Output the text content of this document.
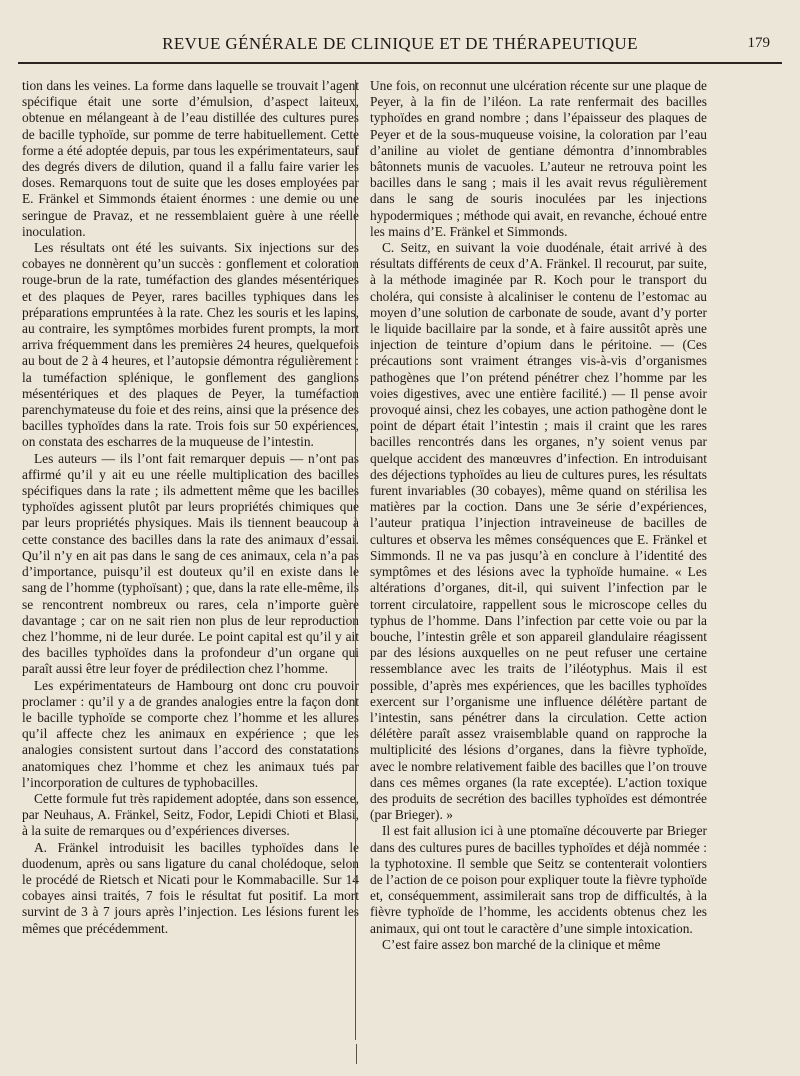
REVUE GÉNÉRALE DE CLINIQUE ET DE THÉRAPEUTIQUE	179

tion dans les veines. La forme dans laquelle se trouvait l’agent spécifique était une sorte d’émulsion, d’aspect laiteux, obtenue en mélangeant à de l’eau distillée des cultures pures de bacille typhoïde, sur pomme de terre habituellement. Cette forme a été adoptée depuis, par tous les expérimentateurs, sauf des degrés divers de dilution, quand il a fallu faire varier les doses. Remarquons tout de suite que les doses employées par E. Fränkel et Simmonds étaient énormes : une demie ou une seringue de Pravaz, et ne ressemblaient guère à une réelle inoculation.

Les résultats ont été les suivants. Six injections sur des cobayes ne donnèrent qu’un succès : gonflement et coloration rouge-brun de la rate, tuméfaction des glandes mésentériques et des plaques de Peyer, rares bacilles typhiques dans les préparations empruntées à la rate. Chez les souris et les lapins, au contraire, les symptômes morbides furent prompts, la mort arriva fréquemment dans les premières 24 heures, quelquefois au bout de 2 à 4 heures, et l’autopsie démontra régulièrement : la tuméfaction splénique, le gonflement des ganglions mésentériques et des plaques de Peyer, la tuméfaction parenchymateuse du foie et des reins, ainsi que la présence des bacilles typhoïdes dans la rate. Trois fois sur 50 expériences, on constata des escharres de la muqueuse de l’intestin.

Les auteurs — ils l’ont fait remarquer depuis — n’ont pas affirmé qu’il y ait eu une réelle multiplication des bacilles spécifiques dans la rate ; ils admettent même que les bacilles typhoïdes agissent plutôt par leurs propriétés chimiques que par leurs propriétés physiques. Mais ils tiennent beaucoup à cette constance des bacilles dans la rate des animaux d’essai. Qu’il n’y en ait pas dans le sang de ces animaux, cela n’a pas d’importance, puisqu’il est douteux qu’il en existe dans le sang de l’homme (typhoïsant) ; que, dans la rate elle-même, ils se rencontrent nombreux ou rares, cela n’importe guère davantage ; car on ne sait rien non plus de leur reproduction chez l’homme, ni de leur durée. Le point capital est qu’il y ait des bacilles typhoïdes dans la profondeur d’un organe qui paraît aussi être leur foyer de prédilection chez l’homme.

Les expérimentateurs de Hambourg ont donc cru pouvoir proclamer : qu’il y a de grandes analogies entre la façon dont le bacille typhoïde se comporte chez l’homme et les allures qu’il affecte chez les animaux en expérience ; que les analogies consistent surtout dans l’accord des constatations anatomiques chez l’homme et chez les animaux tués par l’incorporation de cultures de typhobacilles.

Cette formule fut très rapidement adoptée, dans son essence, par Neuhaus, A. Fränkel, Seitz, Fodor, Lepidi Chioti et Blasi, à la suite de remarques ou d’expériences diverses.

A. Fränkel introduisit les bacilles typhoïdes dans le duodenum, après ou sans ligature du canal cholédoque, selon le procédé de Rietsch et Nicati pour le Kommabacille. Sur 14 cobayes ainsi traités, 7 fois le résultat fut positif. La mort survint de 3 à 7 jours après l’injection. Les lésions furent les mêmes que précédemment.

Une fois, on reconnut une ulcération récente sur une plaque de Peyer, à la fin de l’iléon. La rate renfermait des bacilles typhoïdes en grand nombre ; dans l’épaisseur des plaques de Peyer et de la sous-muqueuse voisine, la coloration par l’eau d’aniline au violet de gentiane démontra d’innombrables bâtonnets munis de vacuoles. L’auteur ne retrouva point les bacilles dans le sang ; mais il les avait revus régulièrement dans le sang de souris inoculées par les injections hypodermiques ; méthode qui avait, en revanche, échoué entre les mains d’E. Fränkel et Simmonds.

C. Seitz, en suivant la voie duodénale, était arrivé à des résultats différents de ceux d’A. Fränkel. Il recourut, par suite, à la méthode imaginée par R. Koch pour le transport du choléra, qui consiste à alcaliniser le contenu de l’estomac au moyen d’une solution de carbonate de soude, avant d’y porter le liquide bacillaire par la sonde, et à faire aussitôt après une injection de teinture d’opium dans le péritoine. — (Ces précautions sont vraiment étranges vis-à-vis d’organismes pathogènes que l’on prétend pénétrer chez l’homme par les voies digestives, avec une entière facilité.) — Il pense avoir provoqué ainsi, chez les cobayes, une action pathogène dont le point de départ était l’intestin ; mais il craint que les rares bacilles rencontrés dans les organes, n’y soient venus par quelque accident des manœuvres d’infection. En introduisant des déjections typhoïdes au lieu de cultures pures, les résultats furent invariables (30 cobayes), même quand on stérilisa les matières par la coction. Dans une 3e série d’expériences, l’auteur pratiqua l’injection intraveineuse de bacilles de cultures et observa les mêmes conséquences que E. Fränkel et Simmonds. Il ne va pas jusqu’à en conclure à l’identité des symptômes et des lésions avec la typhoïde humaine. « Les altérations d’organes, dit-il, qui suivent l’infection par le torrent circulatoire, rappellent sous le microscope celles du typhus de l’homme. Dans l’infection par cette voie ou par la bouche, l’intestin grêle et son appareil glandulaire réagissent par des lésions auxquelles on ne peut refuser une certaine ressemblance avec les traits de l’iléotyphus. Mais il est possible, d’après mes expériences, que les bacilles typhoïdes exercent sur l’organisme une influence délétère partant de l’intestin, sans pénétrer dans la circulation. Cette action délétère paraît assez vraisemblable quand on rapproche la multiplicité des lésions d’organes, dans la fièvre typhoïde, avec le nombre relativement faible des bacilles que l’on trouve dans ces mêmes organes (la rate exceptée). L’action toxique des produits de secrétion des bacilles typhoïdes est démontrée (par Brieger). »

Il est fait allusion ici à une ptomaïne découverte par Brieger dans des cultures pures de bacilles typhoïdes et déjà nommée : la typhotoxine. Il semble que Seitz se contenterait volontiers de l’action de ce poison pour expliquer toute la fièvre typhoïde et, conséquemment, assimilerait sans trop de difficultés, à la fièvre typhoïde de l’homme, les accidents obtenus chez les animaux, qui ont tout le caractère d’une simple intoxication.

C’est faire assez bon marché de la clinique et même
